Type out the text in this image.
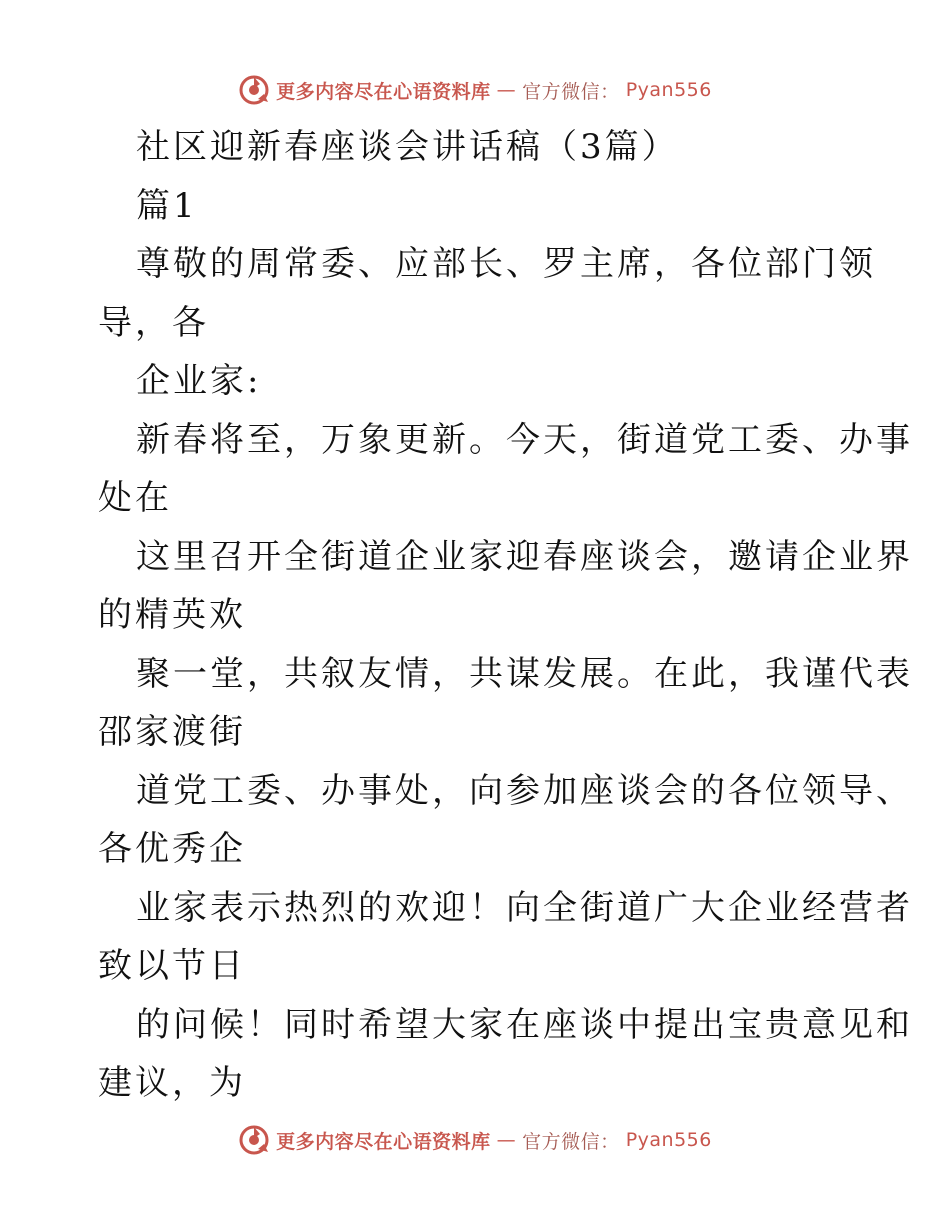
更多内容尽在心语资料库 — 官方微信： Pyan556
社区迎新春座谈会讲话稿（3篇）
篇1
尊敬的周常委、应部长、罗主席，各位部门领
导，各
企业家:
新春将至，万象更新。今天，街道党工委、办事
处在
这里召开全街道企业家迎春座谈会，邀请企业界
的精英欢
聚一堂，共叙友情，共谋发展。在此，我谨代表
邵家渡街
道党工委、办事处，向参加座谈会的各位领导、
各优秀企
业家表示热烈的欢迎！向全街道广大企业经营者
致以节日
的问候！同时希望大家在座谈中提出宝贵意见和
建议，为
更多内容尽在心语资料库 — 官方微信： Pyan556
